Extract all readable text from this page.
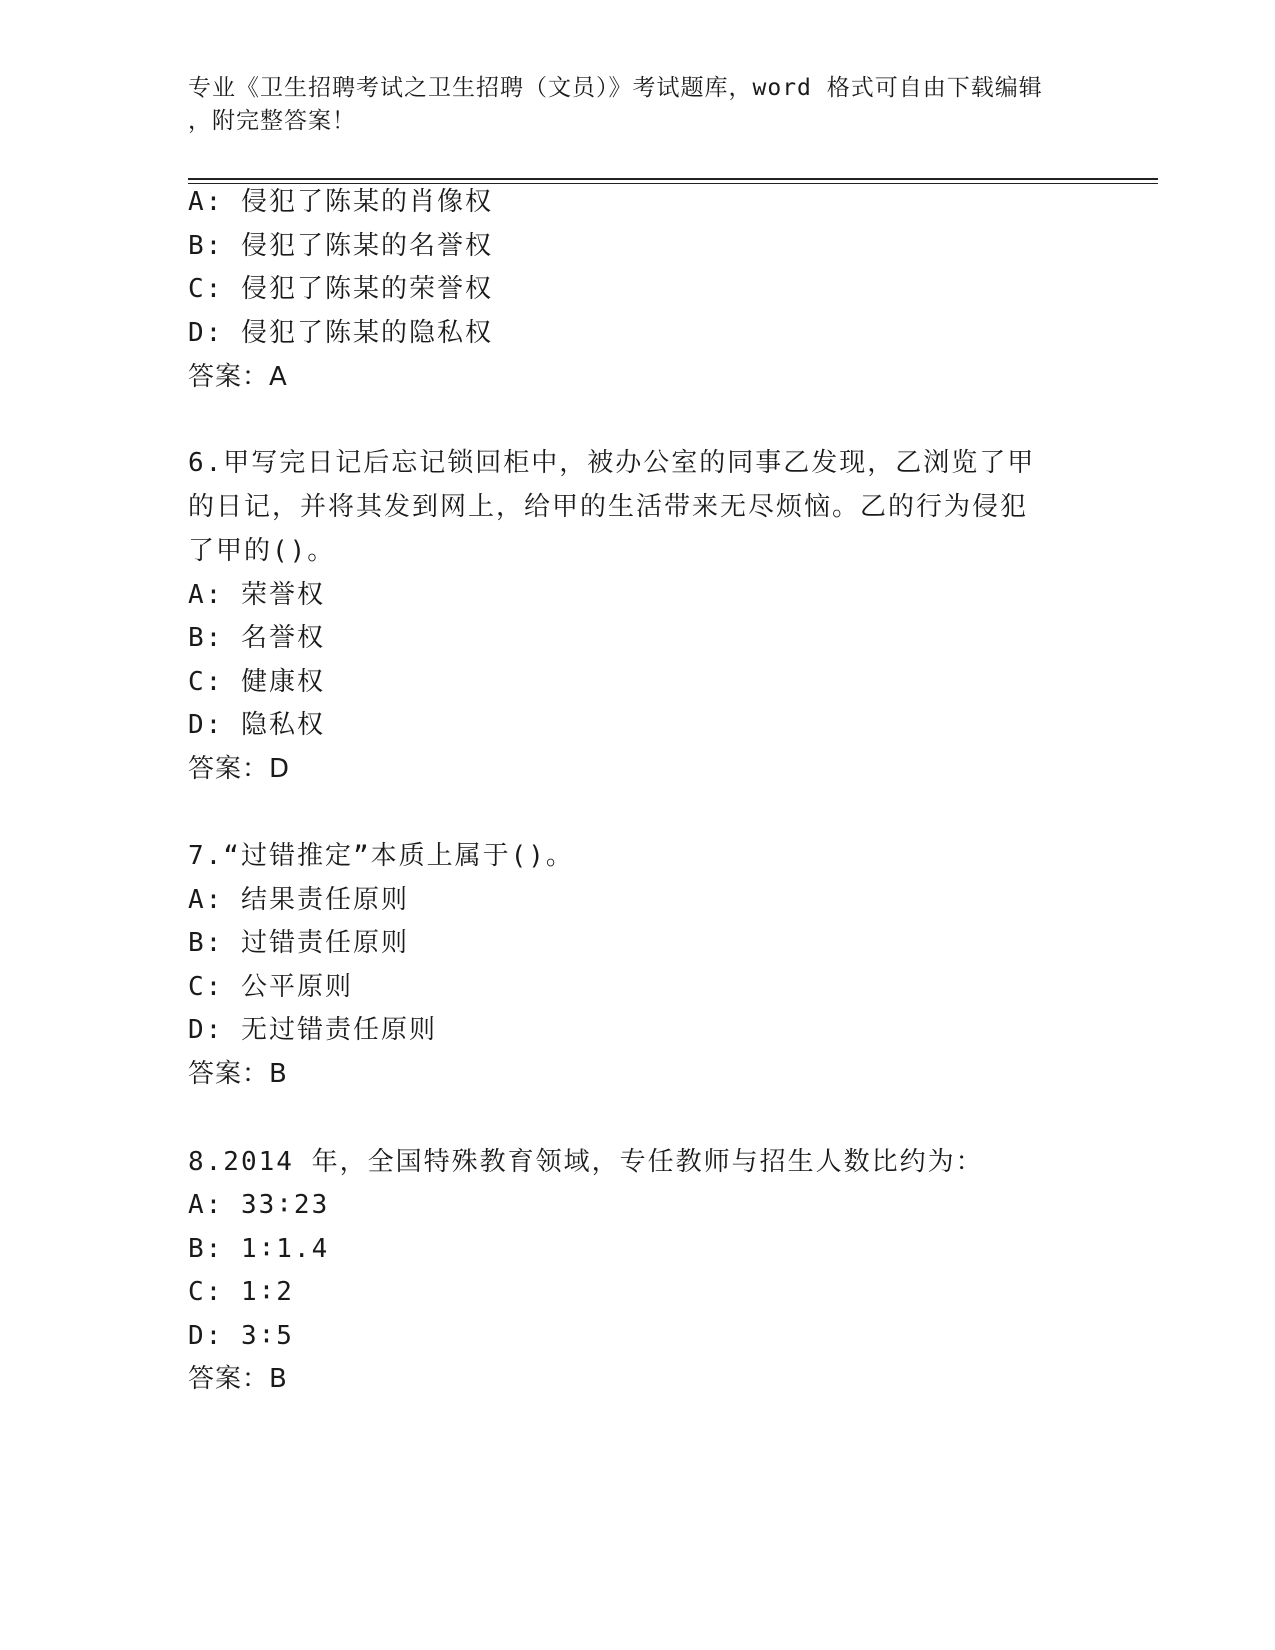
专业《卫生招聘考试之卫生招聘（文员）》考试题库，word 格式可自由下载编辑
，附完整答案！
A: 侵犯了陈某的肖像权
B: 侵犯了陈某的名誉权
C: 侵犯了陈某的荣誉权
D: 侵犯了陈某的隐私权
答案：A
6.甲写完日记后忘记锁回柜中，被办公室的同事乙发现，乙浏览了甲
的日记，并将其发到网上，给甲的生活带来无尽烦恼。乙的行为侵犯
了甲的()。
A: 荣誉权
B: 名誉权
C: 健康权
D: 隐私权
答案：D
7.“过错推定”本质上属于()。
A: 结果责任原则
B: 过错责任原则
C: 公平原则
D: 无过错责任原则
答案：B
8.2014 年，全国特殊教育领域，专任教师与招生人数比约为：
A: 33∶23
B: 1∶1.4
C: 1∶2
D: 3∶5
答案：B
